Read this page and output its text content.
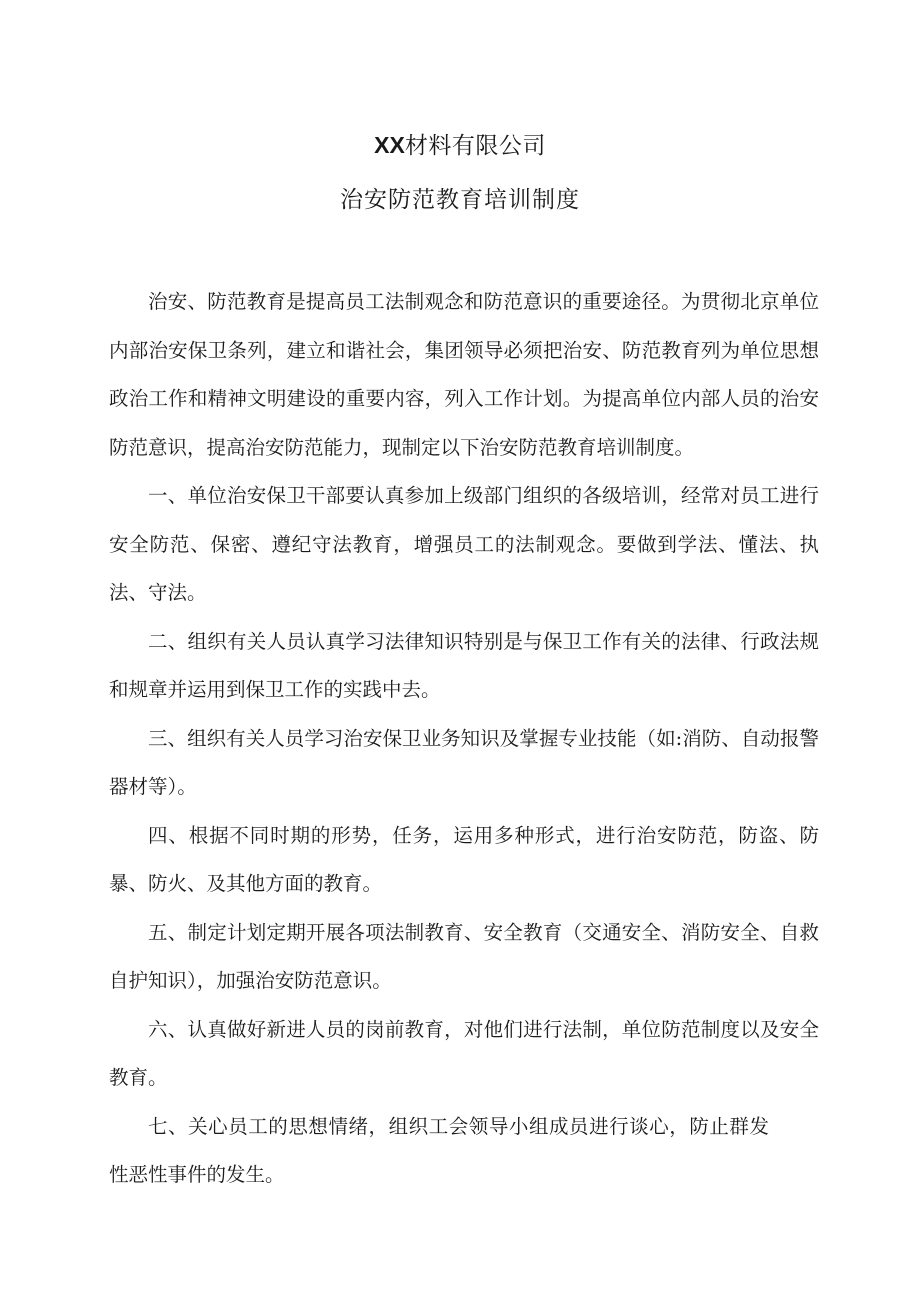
XX材料有限公司
治安防范教育培训制度

治安、防范教育是提高员工法制观念和防范意识的重要途径。为贯彻北京单位内部治安保卫条列，建立和谐社会，集团领导必须把治安、防范教育列为单位思想政治工作和精神文明建设的重要内容，列入工作计划。为提高单位内部人员的治安防范意识，提高治安防范能力，现制定以下治安防范教育培训制度。

一、单位治安保卫干部要认真参加上级部门组织的各级培训，经常对员工进行安全防范、保密、遵纪守法教育，增强员工的法制观念。要做到学法、懂法、执法、守法。

二、组织有关人员认真学习法律知识特别是与保卫工作有关的法律、行政法规和规章并运用到保卫工作的实践中去。

三、组织有关人员学习治安保卫业务知识及掌握专业技能（如:消防、自动报警器材等）。

四、根据不同时期的形势，任务，运用多种形式，进行治安防范，防盗、防暴、防火、及其他方面的教育。

五、制定计划定期开展各项法制教育、安全教育（交通安全、消防安全、自救自护知识），加强治安防范意识。

六、认真做好新进人员的岗前教育，对他们进行法制，单位防范制度以及安全教育。

七、关心员工的思想情绪，组织工会领导小组成员进行谈心，防止群发性恶性事件的发生。
